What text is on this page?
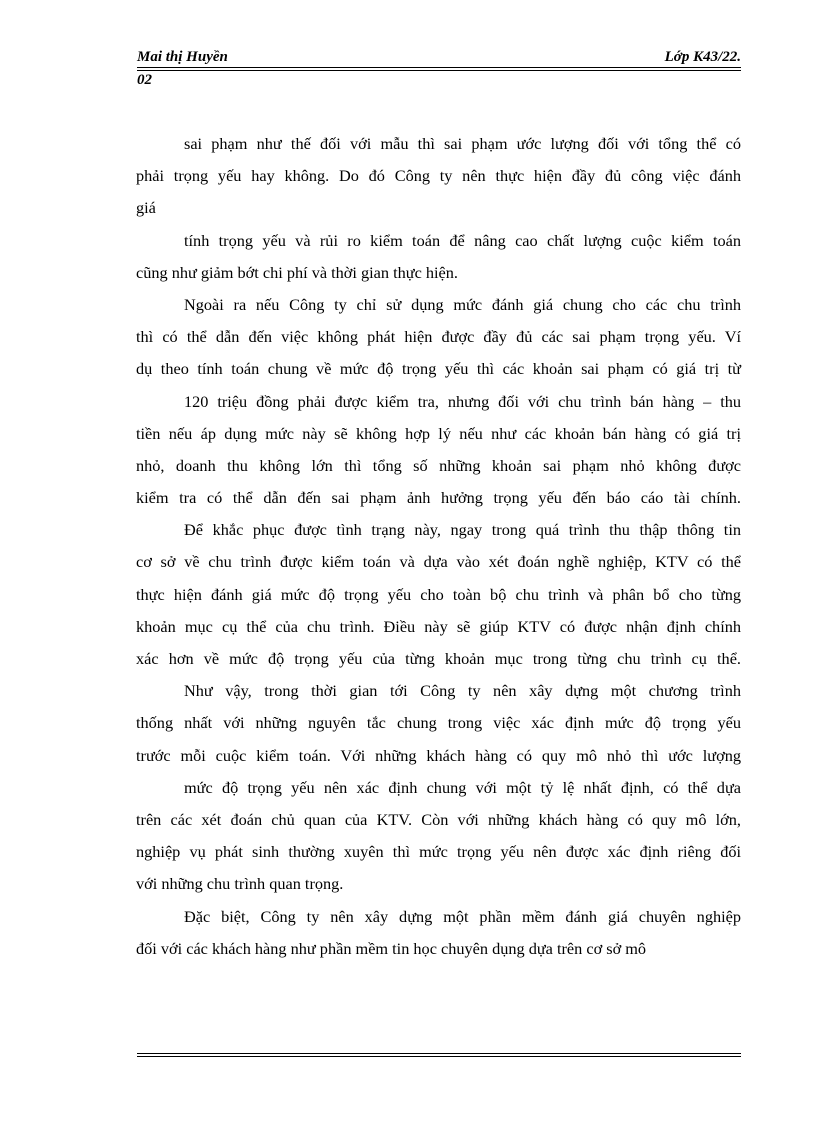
Mai thị Huyền	Lớp K43/22.
02
sai phạm như thế đối với mẫu thì sai phạm ước lượng đối với tổng thể có
phải trọng yếu hay không. Do đó Công ty nên thực hiện đầy đủ công việc đánh
giá
tính trọng yếu và rủi ro kiểm toán để nâng cao chất lượng cuộc kiểm toán
cũng như giảm bớt chi phí và thời gian thực hiện.
Ngoài ra nếu Công ty chỉ sử dụng mức đánh giá chung cho các chu trình
thì có thể dẫn đến việc không phát hiện được đầy đủ các sai phạm trọng yếu. Ví
dụ theo tính toán chung về mức độ trọng yếu thì các khoản sai phạm có giá trị từ
120 triệu đồng phải được kiểm tra, nhưng đối với chu trình bán hàng – thu
tiền nếu áp dụng mức này sẽ không hợp lý nếu như các khoản bán hàng có giá trị
nhỏ, doanh thu không lớn thì tổng số những khoản sai phạm nhỏ không được
kiểm tra có thể dẫn đến sai phạm ảnh hưởng trọng yếu đến báo cáo tài chính.
Để khắc phục được tình trạng này, ngay trong quá trình thu thập thông tin
cơ sở về chu trình được kiểm toán và dựa vào xét đoán nghề nghiệp, KTV có thể
thực hiện đánh giá mức độ trọng yếu cho toàn bộ chu trình và phân bổ cho từng
khoản mục cụ thể của chu trình. Điều này sẽ giúp KTV có được nhận định chính
xác hơn về mức độ trọng yếu của từng khoản mục trong từng chu trình cụ thể.
Như vậy, trong thời gian tới Công ty nên xây dựng một chương trình
thống nhất với những nguyên tắc chung trong việc xác định mức độ trọng yếu
trước mỗi cuộc kiểm toán. Với những khách hàng có quy mô nhỏ thì ước lượng
mức độ trọng yếu nên xác định chung với một tỷ lệ nhất định, có thể dựa
trên các xét đoán chủ quan của KTV. Còn với những khách hàng có quy mô lớn,
nghiệp vụ phát sinh thường xuyên thì mức trọng yếu nên được xác định riêng đối
với những chu trình quan trọng.
Đặc biệt, Công ty nên xây dựng một phần mềm đánh giá chuyên nghiệp
đối với các khách hàng như phần mềm tin học chuyên dụng dựa trên cơ sở mô
